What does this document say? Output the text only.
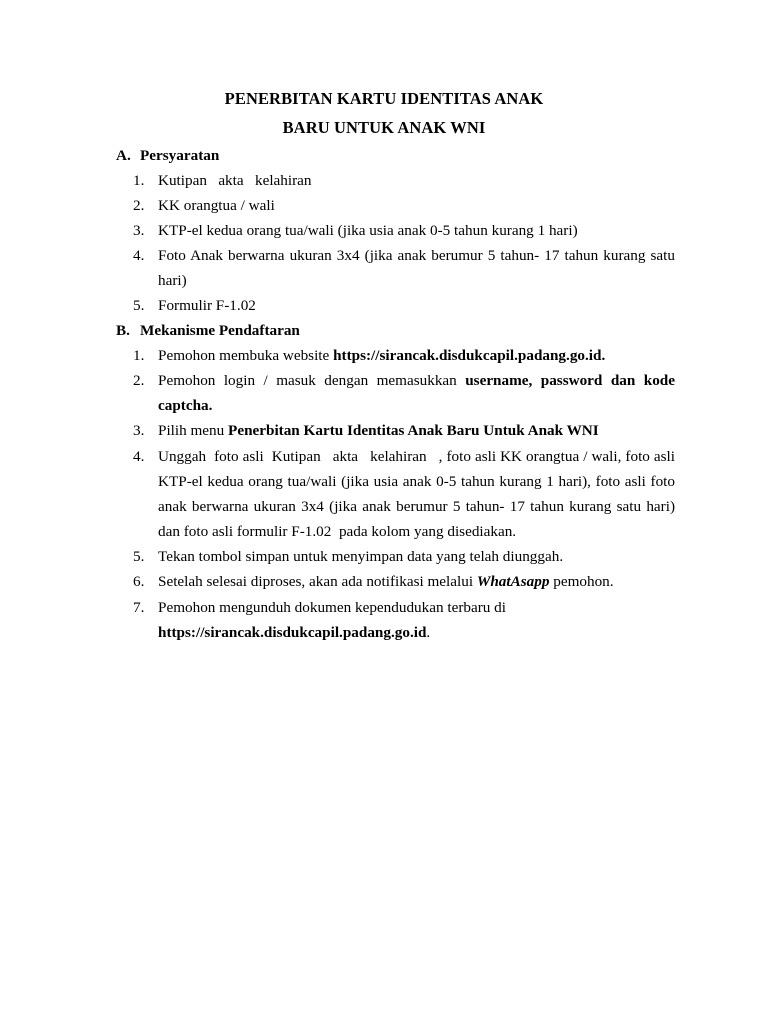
PENERBITAN KARTU IDENTITAS ANAK
BARU UNTUK ANAK WNI
A. Persyaratan
1. Kutipan   akta   kelahiran
2. KK orangtua / wali
3. KTP-el kedua orang tua/wali (jika usia anak 0-5 tahun kurang 1 hari)
4. Foto Anak berwarna ukuran 3x4 (jika anak berumur 5 tahun- 17 tahun kurang satu
hari)
5. Formulir F-1.02
B. Mekanisme Pendaftaran
1. Pemohon membuka website https://sirancak.disdukcapil.padang.go.id.
2. Pemohon login / masuk dengan memasukkan username, password dan kode
captcha.
3. Pilih menu Penerbitan Kartu Identitas Anak Baru Untuk Anak WNI
4. Unggah  foto asli  Kutipan   akta   kelahiran   , foto asli KK orangtua / wali, foto asli
KTP-el kedua orang tua/wali (jika usia anak 0-5 tahun kurang 1 hari), foto asli foto
anak berwarna ukuran 3x4 (jika anak berumur 5 tahun- 17 tahun kurang satu hari)
dan foto asli formulir F-1.02  pada kolom yang disediakan.
5. Tekan tombol simpan untuk menyimpan data yang telah diunggah.
6. Setelah selesai diproses, akan ada notifikasi melalui WhatAsapp pemohon.
7. Pemohon mengunduh dokumen kependudukan terbaru di
https://sirancak.disdukcapil.padang.go.id.
